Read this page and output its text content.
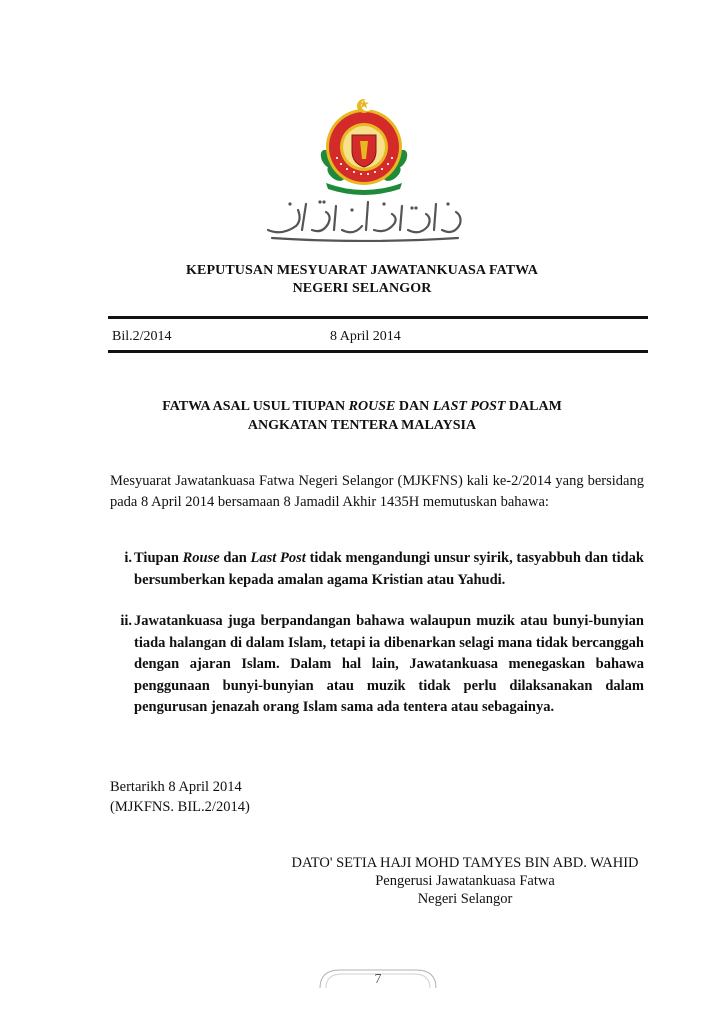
KEPUTUSAN MESYUARAT JAWATANKUASA FATWA
NEGERI SELANGOR
Bil.2/2014	8 April 2014
FATWA ASAL USUL TIUPAN ROUSE DAN LAST POST DALAM
ANGKATAN TENTERA MALAYSIA
Mesyuarat Jawatankuasa Fatwa Negeri Selangor (MJKFNS) kali ke-2/2014 yang bersidang pada 8 April 2014 bersamaan 8 Jamadil Akhir 1435H memutuskan bahawa:
i. Tiupan Rouse dan Last Post tidak mengandungi unsur syirik, tasyabbuh dan tidak bersumberkan kepada amalan agama Kristian atau Yahudi.
ii. Jawatankuasa juga berpandangan bahawa walaupun muzik atau bunyi-bunyian tiada halangan di dalam Islam, tetapi ia dibenarkan selagi mana tidak bercanggah dengan ajaran Islam. Dalam hal lain, Jawatankuasa menegaskan bahawa penggunaan bunyi-bunyian atau muzik tidak perlu dilaksanakan dalam pengurusan jenazah orang Islam sama ada tentera atau sebagainya.
Bertarikh 8 April 2014
(MJKFNS. BIL.2/2014)
DATO' SETIA HAJI MOHD TAMYES BIN ABD. WAHID
Pengerusi Jawatankuasa Fatwa
Negeri Selangor
7
